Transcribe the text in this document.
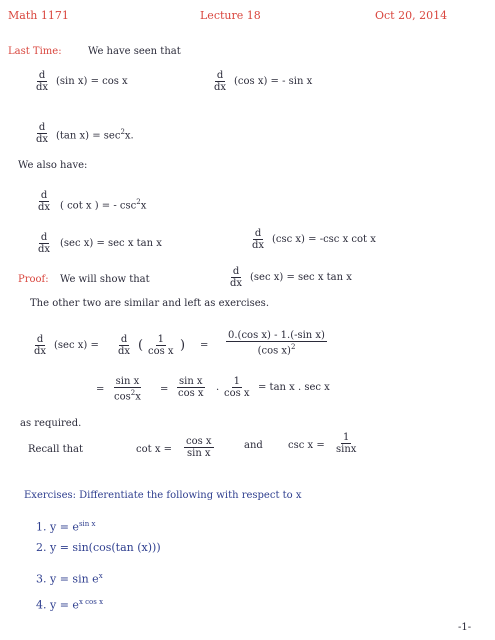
Math 1171	Lecture 18	Oct 20, 2014
Last Time:	We have seen that
$\frac{d}{dx} (\sin$ x) = cos x	$\frac{d}{dx} (\cos$ x) = - sin x
$\frac{d}{dx} (\tan$ $x) = \sec^2x$.
We also have:
$\frac{d}{dx}$ ( cot x ) = - $\csc^2x$
$\frac{d}{dx} (\sec$ x) = sec x tan x	$\frac{d}{dx} (\csc$ x) = -csc x cot x
Proof: We will show that	$\frac{d}{dx} (\sec$ x) = sec x tan x
The other two are similar and left as exercises.
$\frac{d}{dx} (\sec$ $x) = \frac{d}{dx}$ ( $\frac{1}{\text{cos x}}$ ) = $\frac{\text{0.(cos x) - 1.(-sin x)}}{(\cos x)^2}$
= $\frac{\text{sin x}}{\cos^2x} = \frac{\text{sin x}}{\text{cos x}}$ . $\frac{1}{\text{cos x}} = \tan x$ . sec x
as required.
Recall that	$\cot x = \frac{\text{cos x}}{\text{sin x}}$	and	$\csc x = \frac{1}{\sin x}$
Exercises: Differentiate the following with respect to x
1. $y = e^{sin x}$
2. y = sin(cos(tan (x)))
3. $y = \sin e^x$
4. $y = e^{x cos x}$
-1-
